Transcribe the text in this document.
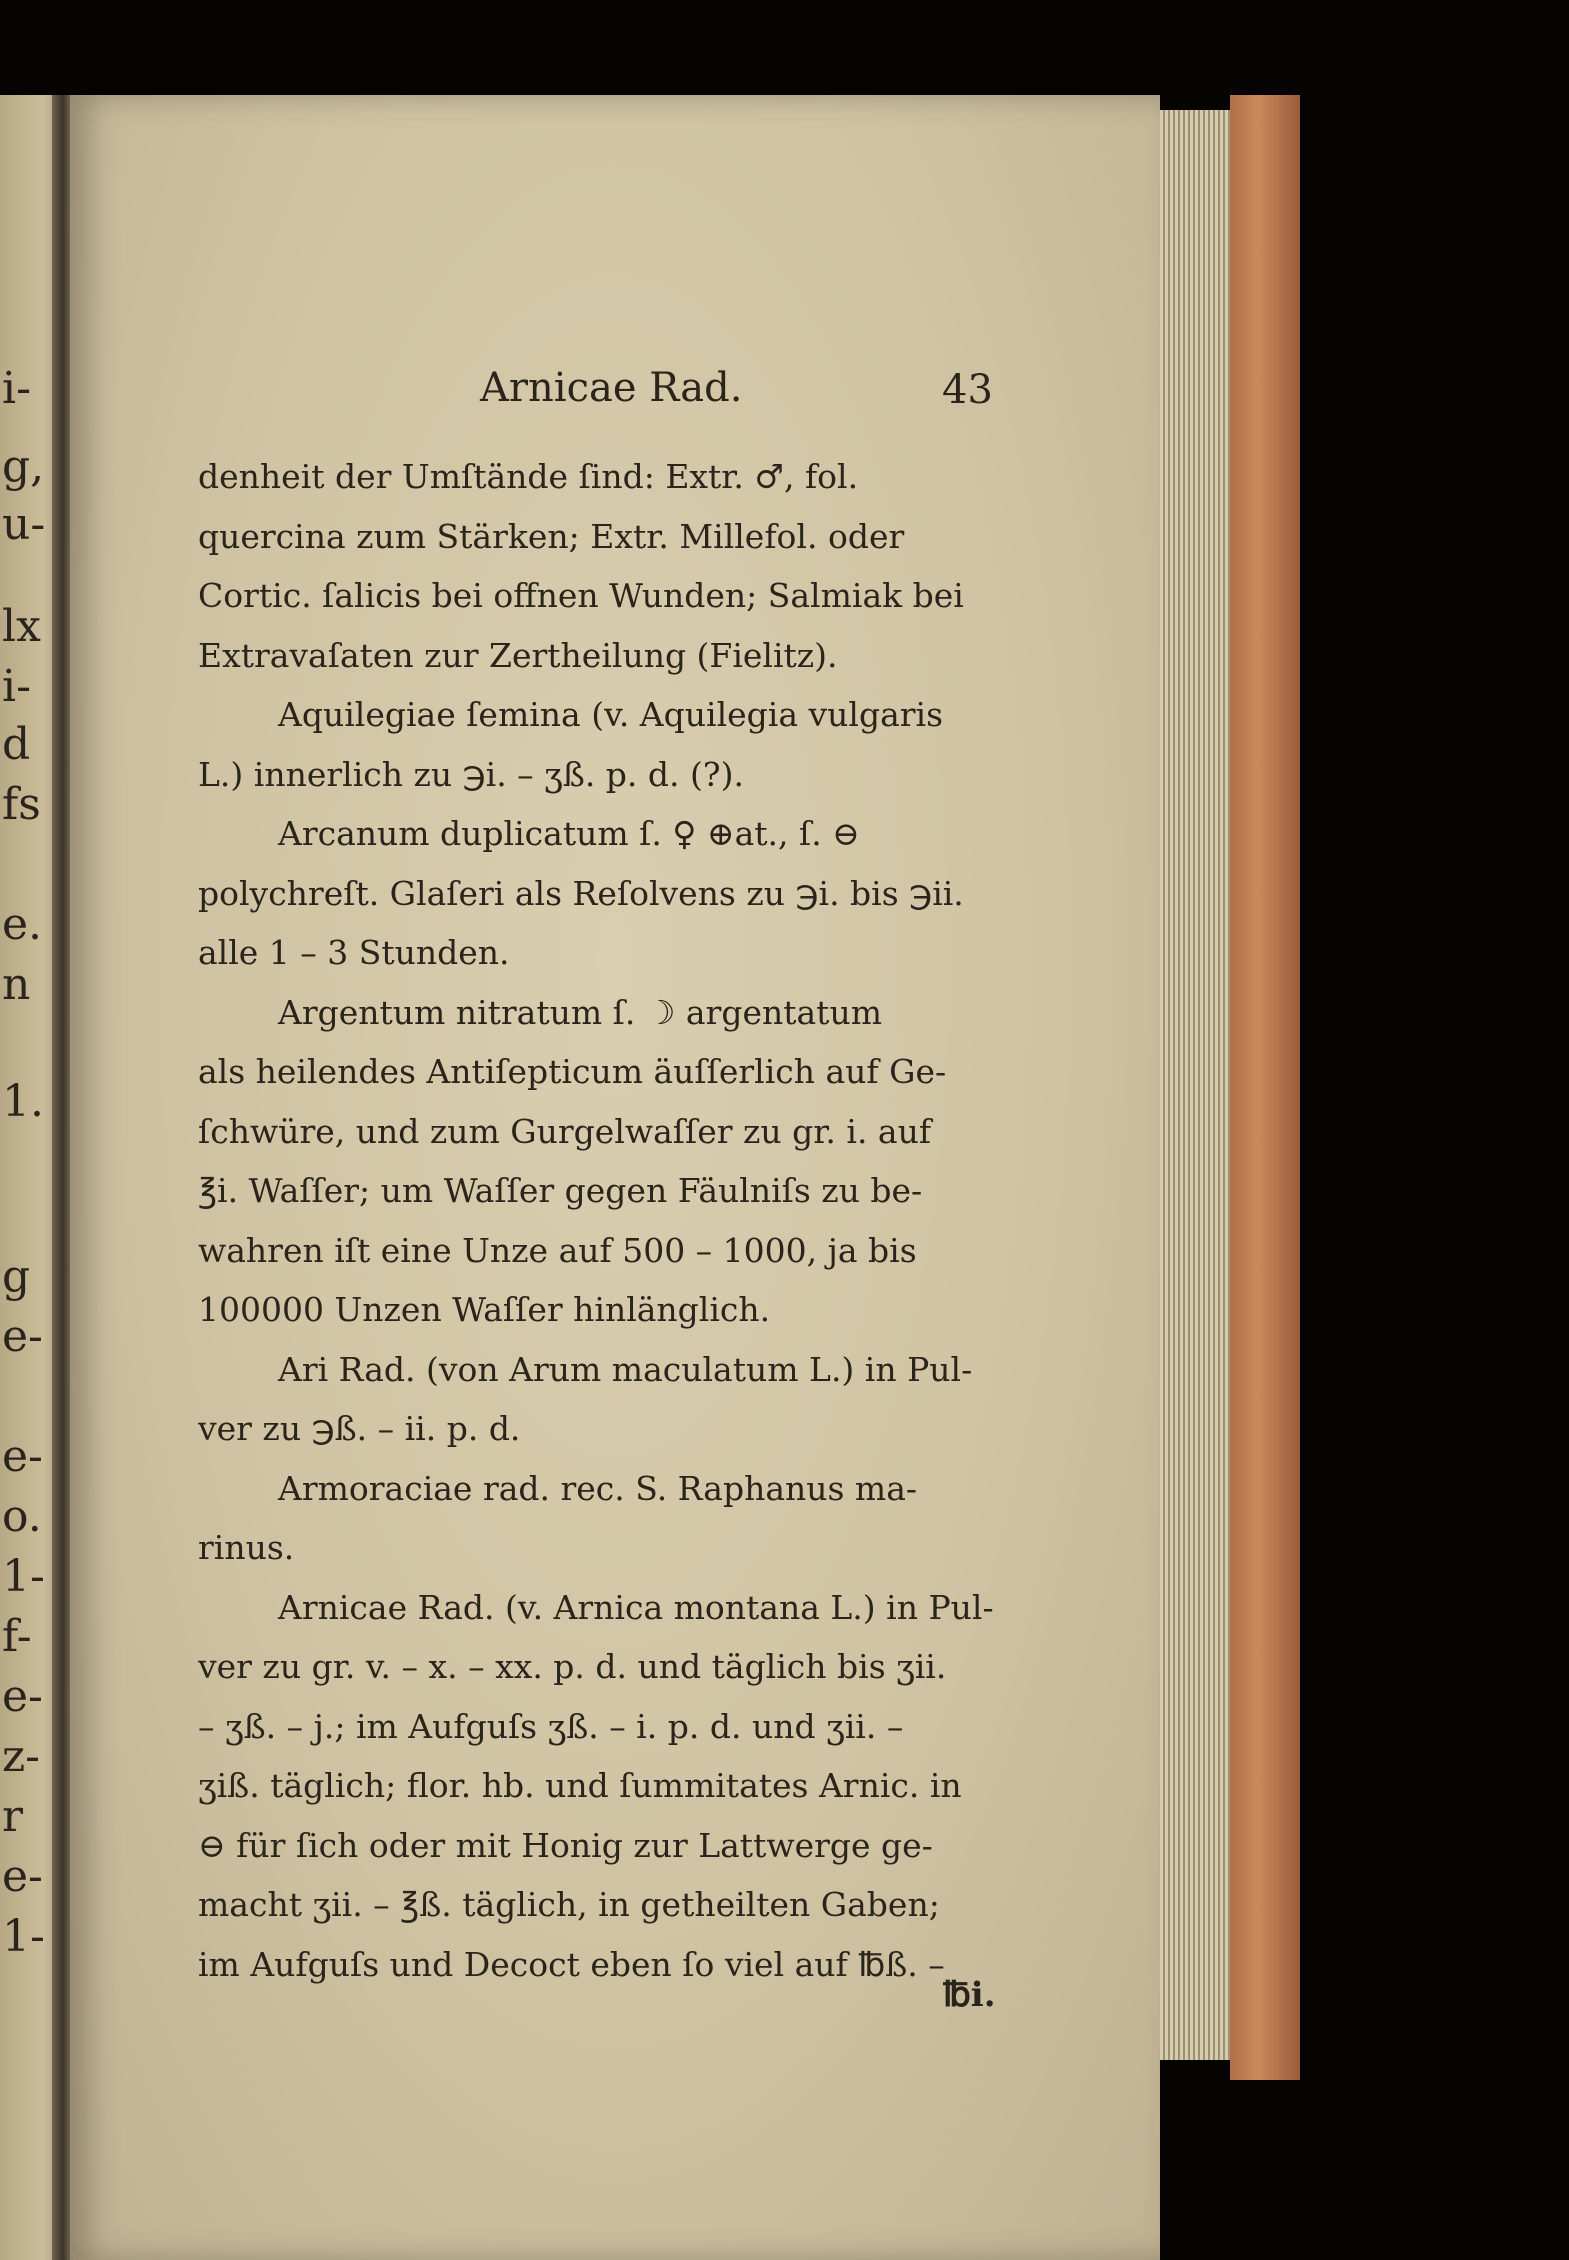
i-
g,
u-
lx
i-
d
fs
e.
n
1.
g
e-
e-
o.
1-
f-
e-
z-
r
e-
1-
Arnicae Rad.	43
denheit der Umſtände ſind: Extr. ♂, fol.
quercina zum Stärken; Extr. Millefol. oder
Cortic. ſalicis bei offnen Wunden; Salmiak bei
Extravaſaten zur Zertheilung (Fielitz).
Aquilegiae ſemina (v. Aquilegia vulgaris
L.) innerlich zu ℈i. – ʒß. p. d. (?).
Arcanum duplicatum ſ. ♀ ⊕at., ſ. ⊖
polychreſt. Glaſeri als Reſolvens zu ℈i. bis ℈ii.
alle 1 – 3 Stunden.
Argentum nitratum ſ. ☽ argentatum
als heilendes Antiſepticum äuſſerlich auf Ge-
ſchwüre, und zum Gurgelwaſſer zu gr. i. auf
℥i. Waſſer; um Waſſer gegen Fäulniſs zu be-
wahren iſt eine Unze auf 500 – 1000, ja bis
100000 Unzen Waſſer hinlänglich.
Ari Rad. (von Arum maculatum L.) in Pul-
ver zu ℈ß. – ii. p. d.
Armoraciae rad. rec. S. Raphanus ma-
rinus.
Arnicae Rad. (v. Arnica montana L.) in Pul-
ver zu gr. v. – x. – xx. p. d. und täglich bis ʒii.
– ʒß. – j.; im Aufguſs ʒß. – i. p. d. und ʒii. –
ʒiß. täglich; flor. hb. und ſummitates Arnic. in
⊖ für ſich oder mit Honig zur Lattwerge ge-
macht ʒii. – ℥ß. täglich, in getheilten Gaben;
im Aufguſs und Decoct eben ſo viel auf ℔ß. –
℔i.
